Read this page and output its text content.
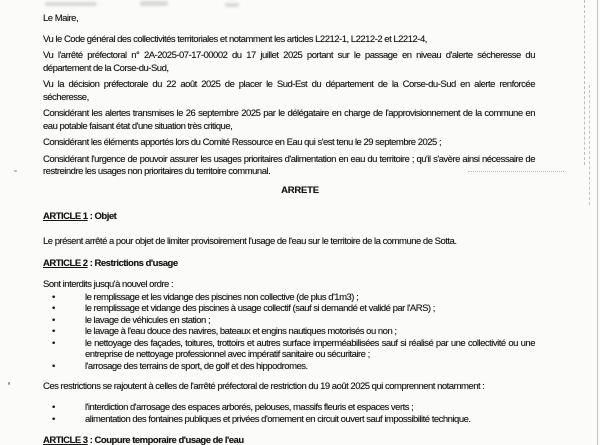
Le Maire,

Vu le Code général des collectivités territoriales et notamment les articles L2212-1, L2212-2 et L2212-4,

Vu l'arrêté préfectoral n° 2A-2025-07-17-00002 du 17 juillet 2025 portant sur le passage en niveau d'alerte sécheresse du département de la Corse-du-Sud,

Vu la décision préfectorale du 22 août 2025 de placer le Sud-Est du département de la Corse-du-Sud en alerte renforcée sécheresse,

Considérant les alertes transmises le 26 septembre 2025 par le délégataire en charge de l'approvisionnement de la commune en eau potable faisant état d'une situation très critique,

Considérant les éléments apportés lors du Comité Ressource en Eau qui s'est tenu le 29 septembre 2025 ;

Considérant l'urgence de pouvoir assurer les usages prioritaires d'alimentation en eau du territoire ; qu'il s'avère ainsi nécessaire de restreindre les usages non prioritaires du territoire communal.

ARRETE

ARTICLE 1 : Objet

Le présent arrêté a pour objet de limiter provisoirement l'usage de l'eau sur le territoire de la commune de Sotta.

ARTICLE 2 : Restrictions d'usage

Sont interdits jusqu'à nouvel ordre :

• le remplissage et les vidange des piscines non collective (de plus d'1m3) ;
• le remplissage et vidange des piscines à usage collectif (sauf si demandé et validé par l'ARS) ;
• le lavage de véhicules en station ;
• le lavage à l'eau douce des navires, bateaux et engins nautiques motorisés ou non ;
• le nettoyage des façades, toitures, trottoirs et autres surface imperméabilisées sauf si réalisé par une collectivité ou une entreprise de nettoyage professionnel avec impératif sanitaire ou sécuritaire ;
• l'arrosage des terrains de sport, de golf et des hippodromes.

Ces restrictions se rajoutent à celles de l'arrêté préfectoral de restriction du 19 août 2025 qui comprennent notamment :

• l'interdiction d'arrosage des espaces arborés, pelouses, massifs fleuris et espaces verts ;
• alimentation des fontaines publiques et privées d'ornement en circuit ouvert sauf impossibilité technique.

ARTICLE 3 : Coupure temporaire d'usage de l'eau
